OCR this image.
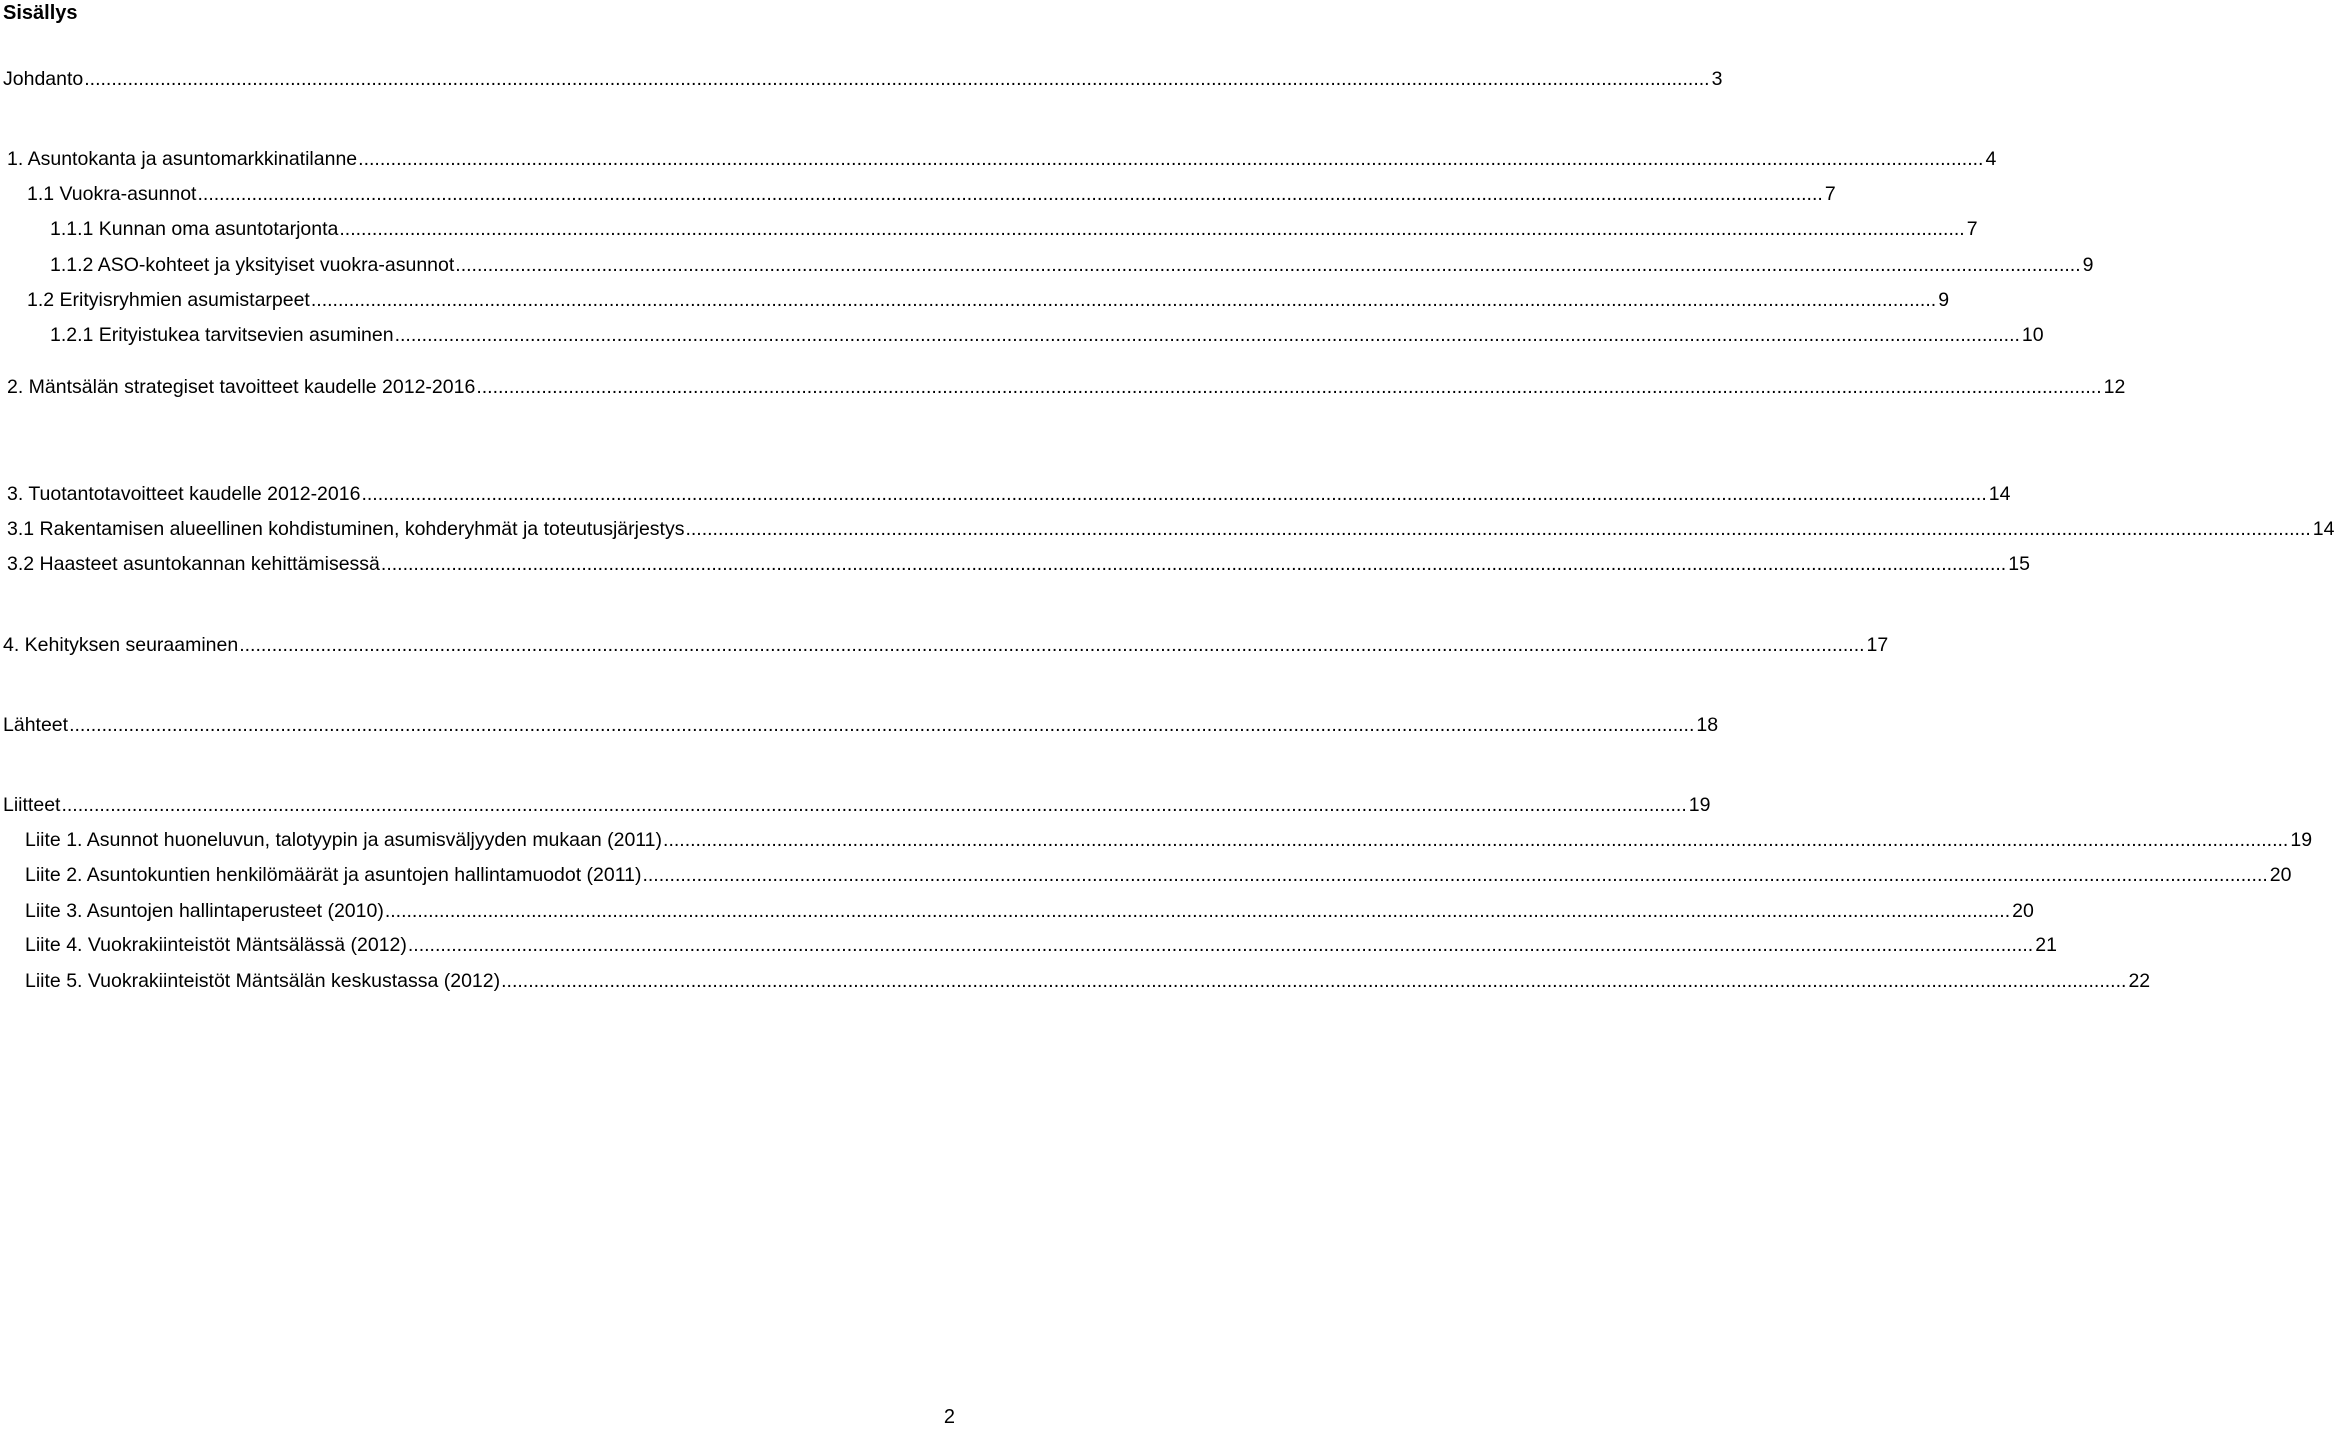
Sisällys
Johdanto ............................................................................................................................................................................................................................................................................................................ 3
1. Asuntokanta ja asuntomarkkinatilanne ............................................................................................................................................................................................................................................................................................................ 4
1.1 Vuokra-asunnot ............................................................................................................................................................................................................................................................................................................ 7
1.1.1 Kunnan oma asuntotarjonta ............................................................................................................................................................................................................................................................................................................ 7
1.1.2 ASO-kohteet ja yksityiset vuokra-asunnot ............................................................................................................................................................................................................................................................................................................ 9
1.2 Erityisryhmien asumistarpeet ............................................................................................................................................................................................................................................................................................................ 9
1.2.1 Erityistukea tarvitsevien asuminen ............................................................................................................................................................................................................................................................................................................ 10
2. Mäntsälän strategiset tavoitteet kaudelle 2012-2016 ............................................................................................................................................................................................................................................................................................................ 12
3. Tuotantotavoitteet kaudelle 2012-2016 ............................................................................................................................................................................................................................................................................................................ 14
3.1 Rakentamisen alueellinen kohdistuminen, kohderyhmät ja toteutusjärjestys ............................................................................................................................................................................................................................................................................................................ 14
3.2 Haasteet asuntokannan kehittämisessä ............................................................................................................................................................................................................................................................................................................ 15
4. Kehityksen seuraaminen ............................................................................................................................................................................................................................................................................................................ 17
Lähteet ............................................................................................................................................................................................................................................................................................................ 18
Liitteet ............................................................................................................................................................................................................................................................................................................ 19
Liite 1. Asunnot huoneluvun, talotyypin ja asumisväljyyden mukaan (2011) ............................................................................................................................................................................................................................................................................................................ 19
Liite 2. Asuntokuntien henkilömäärät ja asuntojen hallintamuodot (2011) ............................................................................................................................................................................................................................................................................................................ 20
Liite 3. Asuntojen hallintaperusteet (2010) ............................................................................................................................................................................................................................................................................................................ 20
Liite 4. Vuokrakiinteistöt Mäntsälässä (2012) ............................................................................................................................................................................................................................................................................................................ 21
Liite 5. Vuokrakiinteistöt Mäntsälän keskustassa (2012) ............................................................................................................................................................................................................................................................................................................ 22
2
